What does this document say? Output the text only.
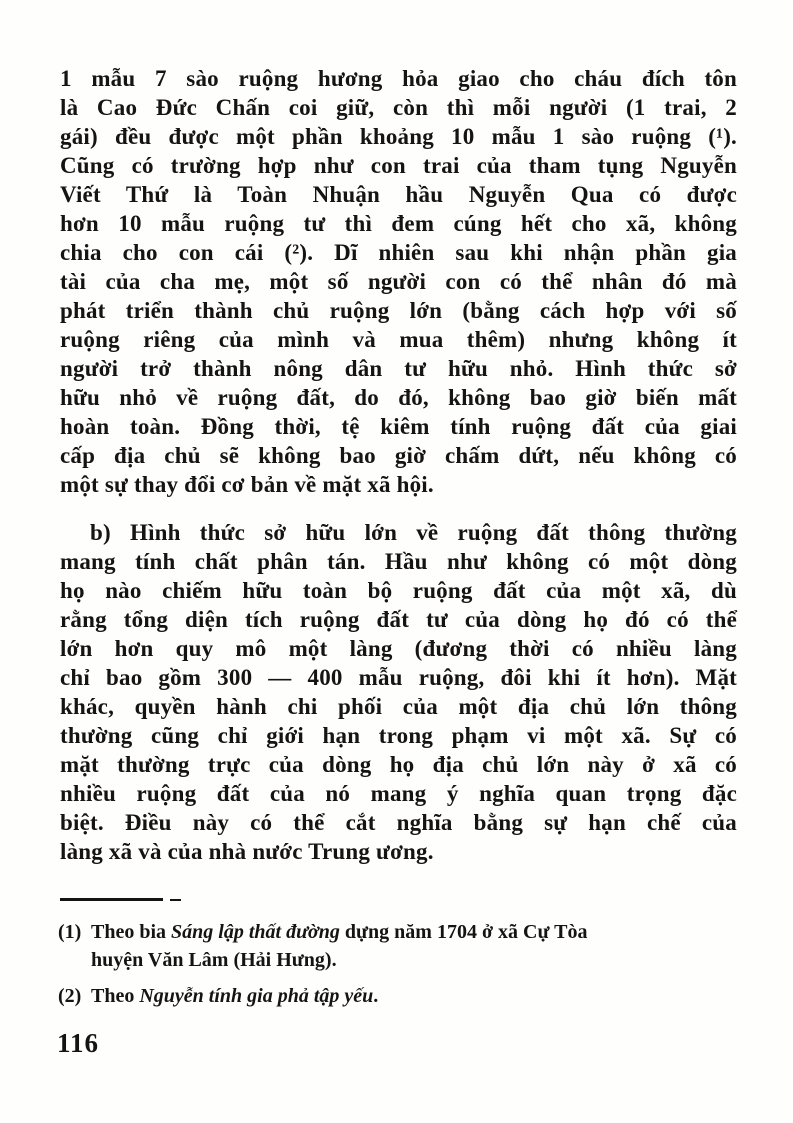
1 mẫu 7 sào ruộng hương hỏa giao cho cháu đích tôn
là Cao Đức Chấn coi giữ, còn thì mỗi người (1 trai, 2
gái) đều được một phần khoảng 10 mẫu 1 sào ruộng (¹).
Cũng có trường hợp như con trai của tham tụng Nguyễn
Viết Thứ là Toàn Nhuận hầu Nguyễn Qua có được
hơn 10 mẫu ruộng tư thì đem cúng hết cho xã, không
chia cho con cái (²). Dĩ nhiên sau khi nhận phần gia
tài của cha mẹ, một số người con có thể nhân đó mà
phát triển thành chủ ruộng lớn (bằng cách hợp với số
ruộng riêng của mình và mua thêm) nhưng không ít
người trở thành nông dân tư hữu nhỏ. Hình thức sở
hữu nhỏ về ruộng đất, do đó, không bao giờ biến mất
hoàn toàn. Đồng thời, tệ kiêm tính ruộng đất của giai
cấp địa chủ sẽ không bao giờ chấm dứt, nếu không có
một sự thay đổi cơ bản về mặt xã hội.
b) Hình thức sở hữu lớn về ruộng đất thông thường
mang tính chất phân tán. Hầu như không có một dòng
họ nào chiếm hữu toàn bộ ruộng đất của một xã, dù
rằng tổng diện tích ruộng đất tư của dòng họ đó có thể
lớn hơn quy mô một làng (đương thời có nhiều làng
chỉ bao gồm 300 — 400 mẫu ruộng, đôi khi ít hơn). Mặt
khác, quyền hành chi phối của một địa chủ lớn thông
thường cũng chỉ giới hạn trong phạm vi một xã. Sự có
mặt thường trực của dòng họ địa chủ lớn này ở xã có
nhiều ruộng đất của nó mang ý nghĩa quan trọng đặc
biệt. Điều này có thể cắt nghĩa bằng sự hạn chế của
làng xã và của nhà nước Trung ương.
(1) Theo bia Sáng lập thất đường dựng năm 1704 ở xã Cự Tòa
huyện Văn Lâm (Hải Hưng).
(2) Theo Nguyễn tính gia phả tập yếu.
116
